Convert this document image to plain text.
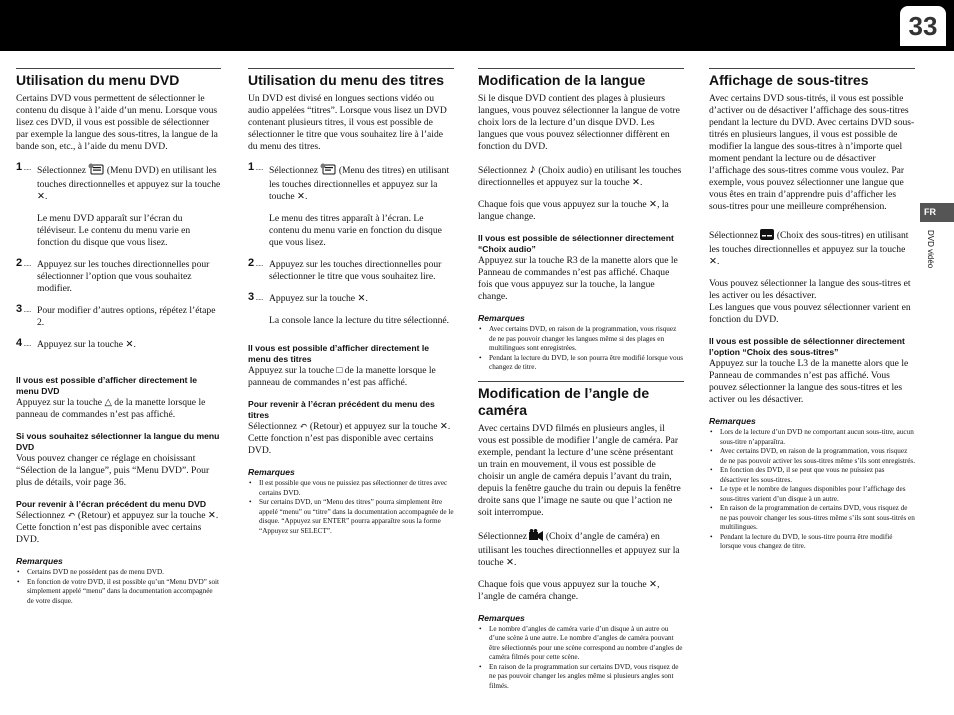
33
FR
DVD vidéo
Utilisation du menu DVD

Certains DVD vous permettent de sélectionner le contenu du disque à l’aide d’un menu. Lorsque vous lisez ces DVD, il vous est possible de sélectionner par exemple la langue des sous-titres, la langue de la bande son, etc., à l’aide du menu DVD.

1 ..... Sélectionnez (Menu DVD) en utilisant les touches directionnelles et appuyez sur la touche ✕.
Le menu DVD apparaît sur l’écran du téléviseur. Le contenu du menu varie en fonction du disque que vous lisez.
2 ..... Appuyez sur les touches directionnelles pour sélectionner l’option que vous souhaitez modifier.
3 ..... Pour modifier d’autres options, répétez l’étape 2.
4 ..... Appuyez sur la touche ✕.

Il vous est possible d’afficher directement le menu DVD

Appuyez sur la touche △ de la manette lorsque le panneau de commandes n’est pas affiché.

Si vous souhaitez sélectionner la langue du menu DVD

Vous pouvez changer ce réglage en choisissant “Sélection de la langue”, puis “Menu DVD”. Pour plus de détails, voir page 36.

Pour revenir à l’écran précédent du menu DVD

Sélectionnez ↶ (Retour) et appuyez sur la touche ✕.

Cette fonction n’est pas disponible avec certains DVD.

Remarques

• Certains DVD ne possèdent pas de menu DVD.
• En fonction de votre DVD, il est possible qu’un “Menu DVD” soit simplement appelé “menu” dans la documentation accompagnée de votre disque.
Utilisation du menu des titres

Un DVD est divisé en longues sections vidéo ou audio appelées “titres”. Lorsque vous lisez un DVD contenant plusieurs titres, il vous est possible de sélectionner le titre que vous souhaitez lire à l’aide du menu des titres.

1 ..... Sélectionnez (Menu des titres) en utilisant les touches directionnelles et appuyez sur la touche ✕.
Le menu des titres apparaît à l’écran. Le contenu du menu varie en fonction du disque que vous lisez.
2 ..... Appuyez sur les touches directionnelles pour sélectionner le titre que vous souhaitez lire.
3 ..... Appuyez sur la touche ✕.
La console lance la lecture du titre sélectionné.

Il vous est possible d’afficher directement le menu des titres

Appuyez sur la touche □ de la manette lorsque le panneau de commandes n’est pas affiché.

Pour revenir à l’écran précédent du menu des titres

Sélectionnez ↶ (Retour) et appuyez sur la touche ✕.

Cette fonction n’est pas disponible avec certains DVD.

Remarques

• Il est possible que vous ne puissiez pas sélectionner de titres avec certains DVD.
• Sur certains DVD, un “Menu des titres” pourra simplement être appelé “menu” ou “titre” dans la documentation accompagnée de le disque. “Appuyez sur ENTER” pourra apparaître sous la forme “Appuyez sur SELECT”.
Modification de la langue

Si le disque DVD contient des plages à plusieurs langues, vous pouvez sélectionner la langue de votre choix lors de la lecture d’un disque DVD. Les langues que vous pouvez sélectionner diffèrent en fonction du DVD.

Sélectionnez ♪ (Choix audio) en utilisant les touches directionnelles et appuyez sur la touche ✕.

Chaque fois que vous appuyez sur la touche ✕, la langue change.

Il vous est possible de sélectionner directement “Choix audio”

Appuyez sur la touche R3 de la manette alors que le Panneau de commandes n’est pas affiché. Chaque fois que vous appuyez sur la touche, la langue change.

Remarques

• Avec certains DVD, en raison de la programmation, vous risquez de ne pas pouvoir changer les langues même si des plages en multilingues sont enregistrées.
• Pendant la lecture du DVD, le son pourra être modifié lorsque vous changez de titre.
Modification de l’angle de caméra

Avec certains DVD filmés en plusieurs angles, il vous est possible de modifier l’angle de caméra. Par exemple, pendant la lecture d’une scène présentant un train en mouvement, il vous est possible de choisir un angle de caméra depuis l’avant du train, depuis la fenêtre gauche du train ou depuis la fenêtre droite sans que l’image ne saute ou que l’action ne soit interrompue.

Sélectionnez (Choix d’angle de caméra) en utilisant les touches directionnelles et appuyez sur la touche ✕.

Chaque fois que vous appuyez sur la touche ✕, l’angle de caméra change.

Remarques

• Le nombre d’angles de caméra varie d’un disque à un autre ou d’une scène à une autre. Le nombre d’angles de caméra pouvant être sélectionnés pour une scène correspond au nombre d’angles de caméra filmés pour cette scène.
• En raison de la programmation sur certains DVD, vous risquez de ne pas pouvoir changer les angles même si plusieurs angles sont filmés.
Affichage de sous-titres

Avec certains DVD sous-titrés, il vous est possible d’activer ou de désactiver l’affichage des sous-titres pendant la lecture du DVD. Avec certains DVD sous-titrés en plusieurs langues, il vous est possible de modifier la langue des sous-titres à n’importe quel moment pendant la lecture ou de désactiver l’affichage des sous-titres comme vous voulez. Par exemple, vous pouvez sélectionner une langue que vous êtes en train d’apprendre puis d’afficher les sous-titres pour une meilleure compréhension.

Sélectionnez (Choix des sous-titres) en utilisant les touches directionnelles et appuyez sur la touche ✕.

Vous pouvez sélectionner la langue des sous-titres et les activer ou les désactiver.
Les langues que vous pouvez sélectionner varient en fonction du DVD.

Il vous est possible de sélectionner directement l’option “Choix des sous-titres”

Appuyez sur la touche L3 de la manette alors que le Panneau de commandes n’est pas affiché. Vous pouvez sélectionner la langue des sous-titres et les activer ou les désactiver.

Remarques

• Lors de la lecture d’un DVD ne comportant aucun sous-titre, aucun sous-titre n’apparaîtra.
• Avec certains DVD, en raison de la programmation, vous risquez de ne pas pouvoir activer les sous-titres même s’ils sont enregistrés.
• En fonction des DVD, il se peut que vous ne puissiez pas désactiver les sous-titres.
• Le type et le nombre de langues disponibles pour l’affichage des sous-titres varient d’un disque à un autre.
• En raison de la programmation de certains DVD, vous risquez de ne pas pouvoir changer les sous-titres même s’ils sont sous-titrés en multilingues.
• Pendant la lecture du DVD, le sous-titre pourra être modifié lorsque vous changez de titre.
